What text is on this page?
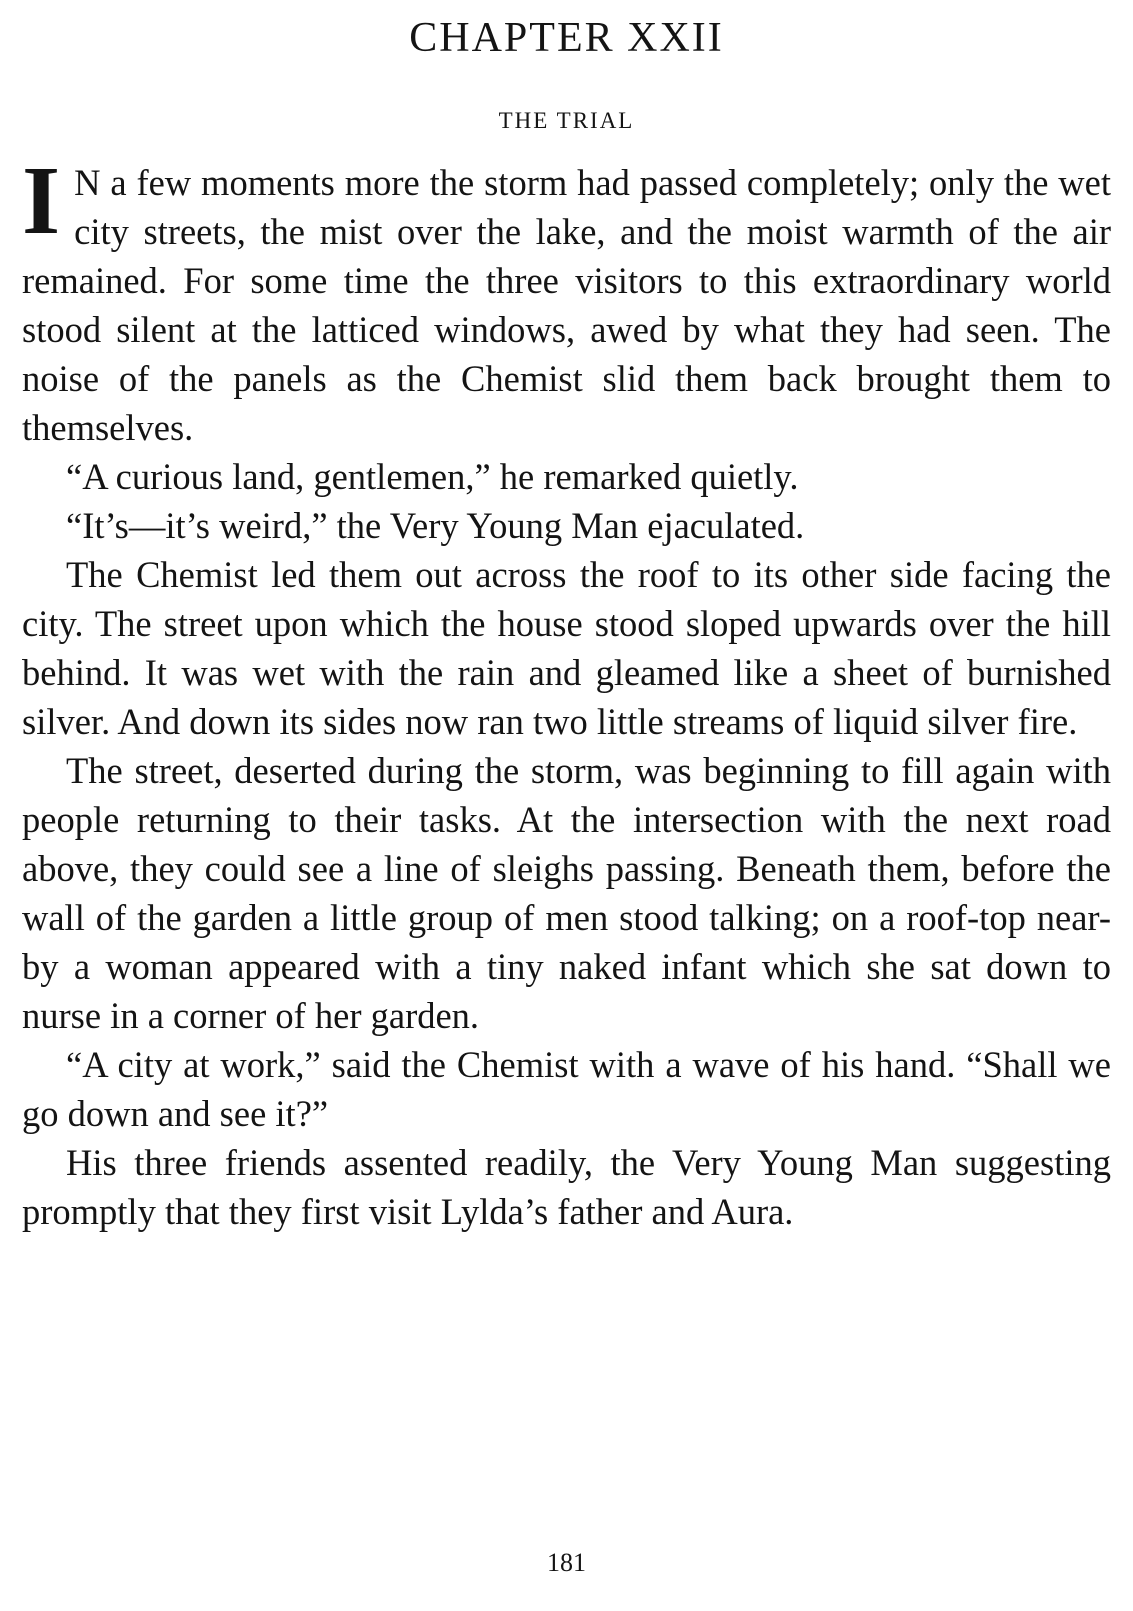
CHAPTER XXII
THE TRIAL

I N a few moments more the storm had passed completely; only the wet city streets, the mist over the lake, and the moist warmth of the air remained. For some time the three visitors to this extraordinary world stood silent at the latticed windows, awed by what they had seen. The noise of the panels as the Chemist slid them back brought them to themselves.

“A curious land, gentlemen,” he remarked quietly.

“It’s—it’s weird,” the Very Young Man ejaculated.

The Chemist led them out across the roof to its other side facing the city. The street upon which the house stood sloped upwards over the hill behind. It was wet with the rain and gleamed like a sheet of burnished silver. And down its sides now ran two little streams of liquid silver fire.

The street, deserted during the storm, was beginning to fill again with people returning to their tasks. At the intersection with the next road above, they could see a line of sleighs passing. Beneath them, before the wall of the garden a little group of men stood talking; on a roof-top near-by a woman appeared with a tiny naked infant which she sat down to nurse in a corner of her garden.

“A city at work,” said the Chemist with a wave of his hand. “Shall we go down and see it?”

His three friends assented readily, the Very Young Man suggesting promptly that they first visit Lylda’s father and Aura.

181
